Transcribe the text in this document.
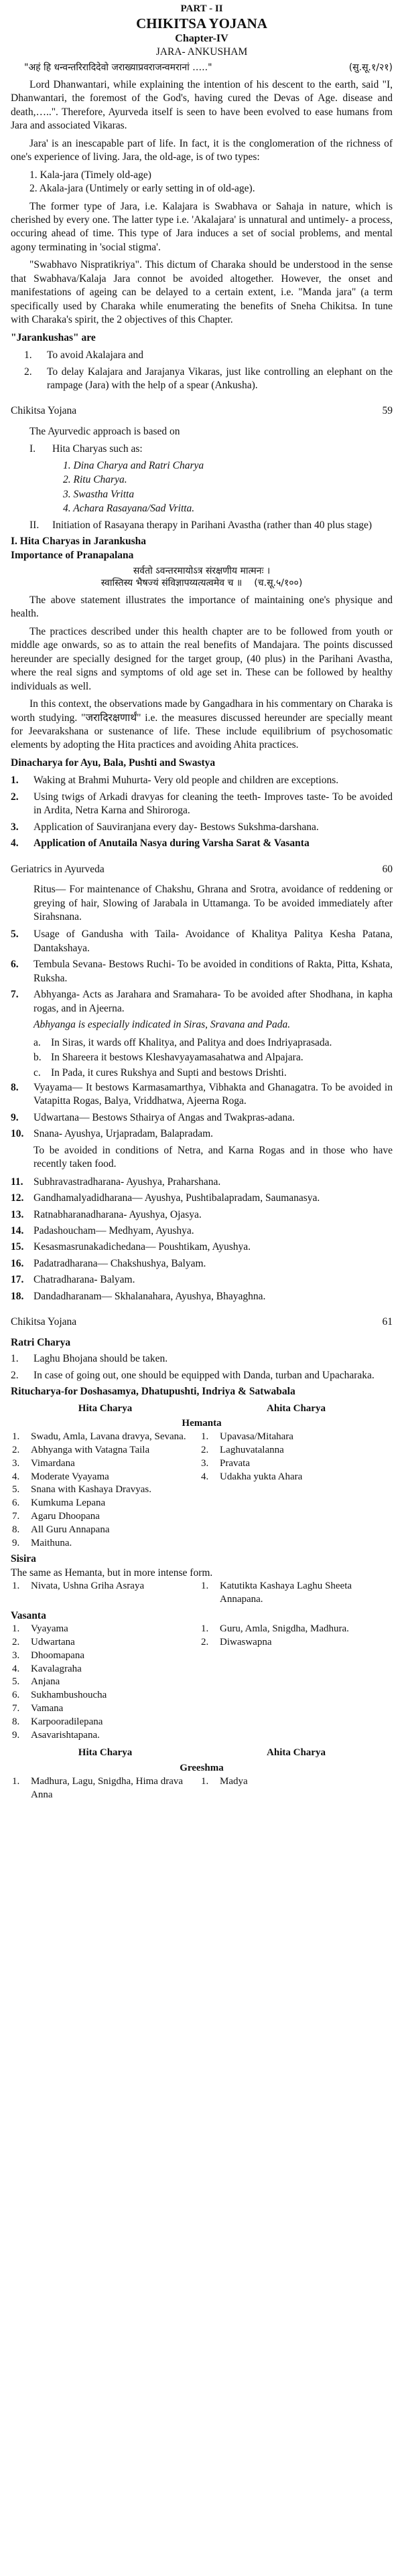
PART - II
CHIKITSA YOJANA
Chapter-IV
JARA- ANKUSHAM
"अहं हि धन्वन्तरिरादिदेवो जराख्याप्रवराजन्वमरानां ….."	(सु.सू.१/२१)

Lord Dhanwantari, while explaining the intention of his descent to the earth, said "I, Dhanwantari, the foremost of the God's, having cured the Devas of Age. disease and death,…..". Therefore, Ayurveda itself is seen to have been evolved to ease humans from Jara and associated Vikaras.

Jara' is an inescapable part of life. In fact, it is the conglomeration of the richness of one's experience of living. Jara, the old-age, is of two types:

1. Kala-jara (Timely old-age)
2. Akala-jara (Untimely or early setting in of old-age).

The former type of Jara, i.e. Kalajara is Swabhava or Sahaja in nature, which is cherished by every one. The latter type i.e. 'Akalajara' is unnatural and untimely- a process, occuring ahead of time. This type of Jara induces a set of social problems, and mental agony terminating in 'social stigma'.

"Swabhavo Nispratikriya". This dictum of Charaka should be understood in the sense that Swabhava/Kalaja Jara connot be avoided altogether. However, the onset and manifestations of ageing can be delayed to a certain extent, i.e. "Manda jara" (a term specifically used by Charaka while enumerating the benefits of Sneha Chikitsa. In tune with Charaka's spirit, the 2 objectives of this Chapter.

"Jarankushas" are
1.	To avoid Akalajara and
2.	To delay Kalajara and Jarajanya Vikaras, just like controlling an elephant on the rampage (Jara) with the help of a spear (Ankusha).
Chikitsa Yojana	59

The Ayurvedic approach is based on

I.	Hita Charyas such as:
1. Dina Charya and Ratri Charya
2. Ritu Charya.
3. Swastha Vritta
4. Achara Rasayana/Sad Vritta.
II.	Initiation of Rasayana therapy in Parihani Avastha (rather than 40 plus stage)
I. Hita Charyas in Jarankusha
Importance of Pranapalana
सर्वतो ऽवन्तरमायोऽत्र संरक्षणीय मात्मनः ।
स्वास्तिस्य भैषज्यं संविज्ञापय्यत्यत्वमेव च ॥ (च.सू.५/१००)

The above statement illustrates the importance of maintaining one's physique and health.

The practices described under this health chapter are to be followed from youth or middle age onwards, so as to attain the real benefits of Mandajara. The points discussed hereunder are specially designed for the target group, (40 plus) in the Parihani Avastha, where the real signs and symptoms of old age set in. These can be followed by healthy individuals as well.

In this context, the observations made by Gangadhara in his commentary on Charaka is worth studying. "जरादिरक्षणार्थं" i.e. the measures discussed hereunder are specially meant for Jeevarakshana or sustenance of life. These include equilibrium of psychosomatic elements by adopting the Hita practices and avoiding Ahita practices.

Dinacharya for Ayu, Bala, Pushti and Swastya
1.	Waking at Brahmi Muhurta- Very old people and children are exceptions.
2.	Using twigs of Arkadi dravyas for cleaning the teeth- Improves taste- To be avoided in Ardita, Netra Karna and Shiroroga.
3.	Application of Sauviranjana every day- Bestows Sukshma-darshana.
4.	Application of Anutaila Nasya during Varsha Sarat & Vasanta
Geriatrics in Ayurveda	60

Ritus— For maintenance of Chakshu, Ghrana and Srotra, avoidance of reddening or greying of hair, Slowing of Jarabala in Uttamanga. To be avoided immediately after Sirahsnana.

5.	Usage of Gandusha with Taila- Avoidance of Khalitya Palitya Kesha Patana, Dantakshaya.
6.	Tembula Sevana- Bestows Ruchi- To be avoided in conditions of Rakta, Pitta, Kshata, Ruksha.
7.	Abhyanga- Acts as Jarahara and Sramahara- To be avoided after Shodhana, in kapha rogas, and in Ajeerna.

Abhyanga is especially indicated in Siras, Sravana and Pada.

a. In Siras, it wards off Khalitya, and Palitya and does Indriyaprasada.
b. In Shareera it bestows Kleshavyayamasahatwa and Alpajara.
c. In Pada, it cures Rukshya and Supti and bestows Drishti.
8.	Vyayama— It bestows Karmasamarthya, Vibhakta and Ghanagatra. To be avoided in Vatapitta Rogas, Balya, Vriddhatwa, Ajeerna Roga.
9.	Udwartana— Bestows Sthairya of Angas and Twakpras-adana.
10. Snana- Ayushya, Urjapradam, Balapradam.

To be avoided in conditions of Netra, and Karna Rogas and in those who have recently taken food.

11. Subhravastradharana- Ayushya, Praharshana.
12. Gandhamalyadidharana— Ayushya, Pushtibalapradam, Saumanasya.
13. Ratnabharanadharana- Ayushya, Ojasya.
14. Padashoucham— Medhyam, Ayushya.
15. Kesasmasrunakadichedana— Poushtikam, Ayushya.
16. Padatradharana— Chakshushya, Balyam.
17. Chatradharana- Balyam.
18. Dandadharanam— Skhalanahara, Ayushya, Bhayaghna.
Chikitsa Yojana	61
Ratri Charya
1.	Laghu Bhojana should be taken.
2.	In case of going out, one should be equipped with Danda, turban and Upacharaka.
Ritucharya-for Doshasamya, Dhatupushti, Indriya & Satwabala
Hita Charya		Ahita Charya	
Hemanta			
1.	Swadu, Amla, Lavana dravya, Sevana.	1.	Upavasa/Mitahara
2.	Abhyanga with Vatagna Taila	2.	Laghuvatalanna
3.	Vimardana	3.	Pravata
4.	Moderate Vyayama	4.	Udakha yukta Ahara
5.	Snana with Kashaya Dravyas.		
6.	Kumkuma Lepana		
7.	Agaru Dhoopana		
8.	All Guru Annapana		
9.	Maithuna.		
Sisira
The same as Hemanta, but in more intense form.
1.	Nivata, Ushna Griha Asraya	1.	Katutikta Kashaya Laghu Sheeta Annapana.
Vasanta
1.	Vyayama	1.	Guru, Amla, Snigdha, Madhura.
2.	Udwartana	2.	Diwaswapna
3.	Dhoomapana		
4.	Kavalagraha		
5.	Anjana		
6.	Sukhambushoucha		
7.	Vamana		
8.	Karpooradilepana		
9.	Asavarishtapana.		
Hita Charya		Ahita Charya	
Greeshma			
1.	Madhura, Lagu, Snigdha, Hima drava Anna	1.	Madya
